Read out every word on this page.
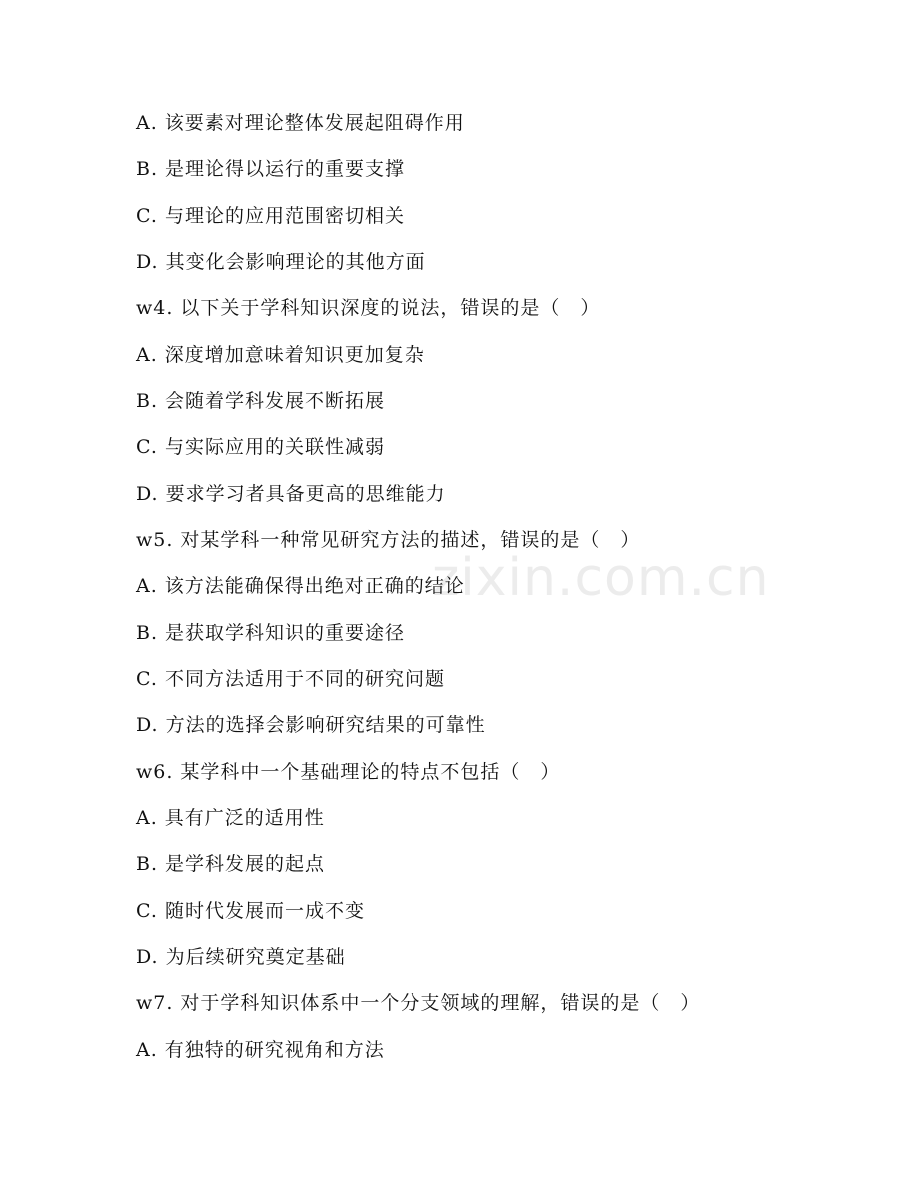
zixin.com.cn
A. 该要素对理论整体发展起阻碍作用
B. 是理论得以运行的重要支撑
C. 与理论的应用范围密切相关
D. 其变化会影响理论的其他方面
w4. 以下关于学科知识深度的说法，错误的是（　）
A. 深度增加意味着知识更加复杂
B. 会随着学科发展不断拓展
C. 与实际应用的关联性减弱
D. 要求学习者具备更高的思维能力
w5. 对某学科一种常见研究方法的描述，错误的是（　）
A. 该方法能确保得出绝对正确的结论
B. 是获取学科知识的重要途径
C. 不同方法适用于不同的研究问题
D. 方法的选择会影响研究结果的可靠性
w6. 某学科中一个基础理论的特点不包括（　）
A. 具有广泛的适用性
B. 是学科发展的起点
C. 随时代发展而一成不变
D. 为后续研究奠定基础
w7. 对于学科知识体系中一个分支领域的理解，错误的是（　）
A. 有独特的研究视角和方法
